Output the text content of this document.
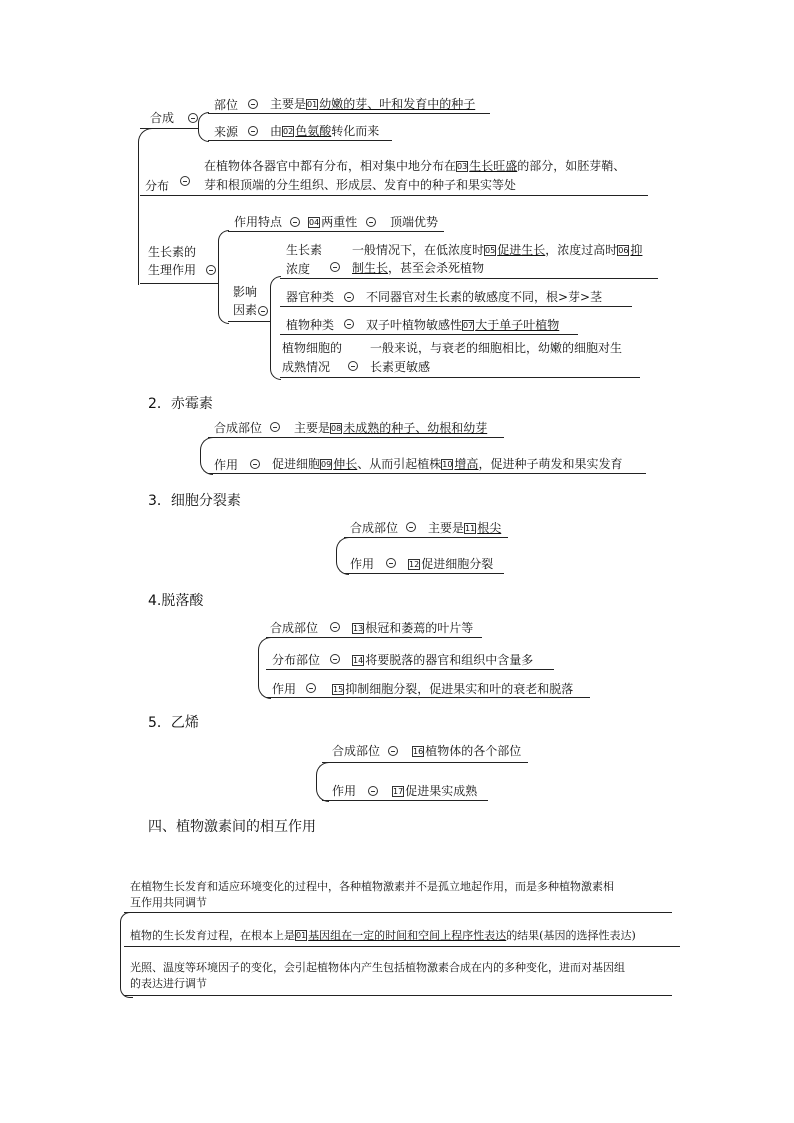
合成
部位	主要是01 幼嫩的芽、叶和发育中的种子
来源	由02 色氨酸转化而来
分布
在植物体各器官中都有分布，相对集中地分布在03 生长旺盛的部分，如胚芽鞘、
芽和根顶端的分生组织、形成层、发育中的种子和果实等处
生长素的
生理作用
作用特点	04 两重性	顶端优势
影响
因素
生长素
浓度
一般情况下，在低浓度时05 促进生长，浓度过高时06 抑
制生长，甚至会杀死植物
器官种类	不同器官对生长素的敏感度不同，根>芽>茎
植物种类	双子叶植物敏感性07 大于单子叶植物
植物细胞的
成熟情况
一般来说，与衰老的细胞相比，幼嫩的细胞对生
长素更敏感
2．赤霉素
合成部位	主要是08 未成熟的种子、幼根和幼芽
作用	促进细胞09 伸长、从而引起植株10 增高，促进种子萌发和果实发育
3．细胞分裂素
合成部位 主要是11 根尖
作用	12 促进细胞分裂
4.脱落酸
合成部位	13 根冠和萎蔫的叶片等
分布部位	14 将要脱落的器官和组织中含量多
作用	15 抑制细胞分裂，促进果实和叶的衰老和脱落
5．乙烯
合成部位	16 植物体的各个部位
作用	17 促进果实成熟
四、植物激素间的相互作用
在植物生长发育和适应环境变化的过程中，各种植物激素并不是孤立地起作用，而是多种植物激素相
互作用共同调节
植物的生长发育过程，在根本上是01 基因组在一定的时间和空间上程序性表达的结果(基因的选择性表达)
光照、温度等环境因子的变化，会引起植物体内产生包括植物激素合成在内的多种变化，进而对基因组
的表达进行调节
